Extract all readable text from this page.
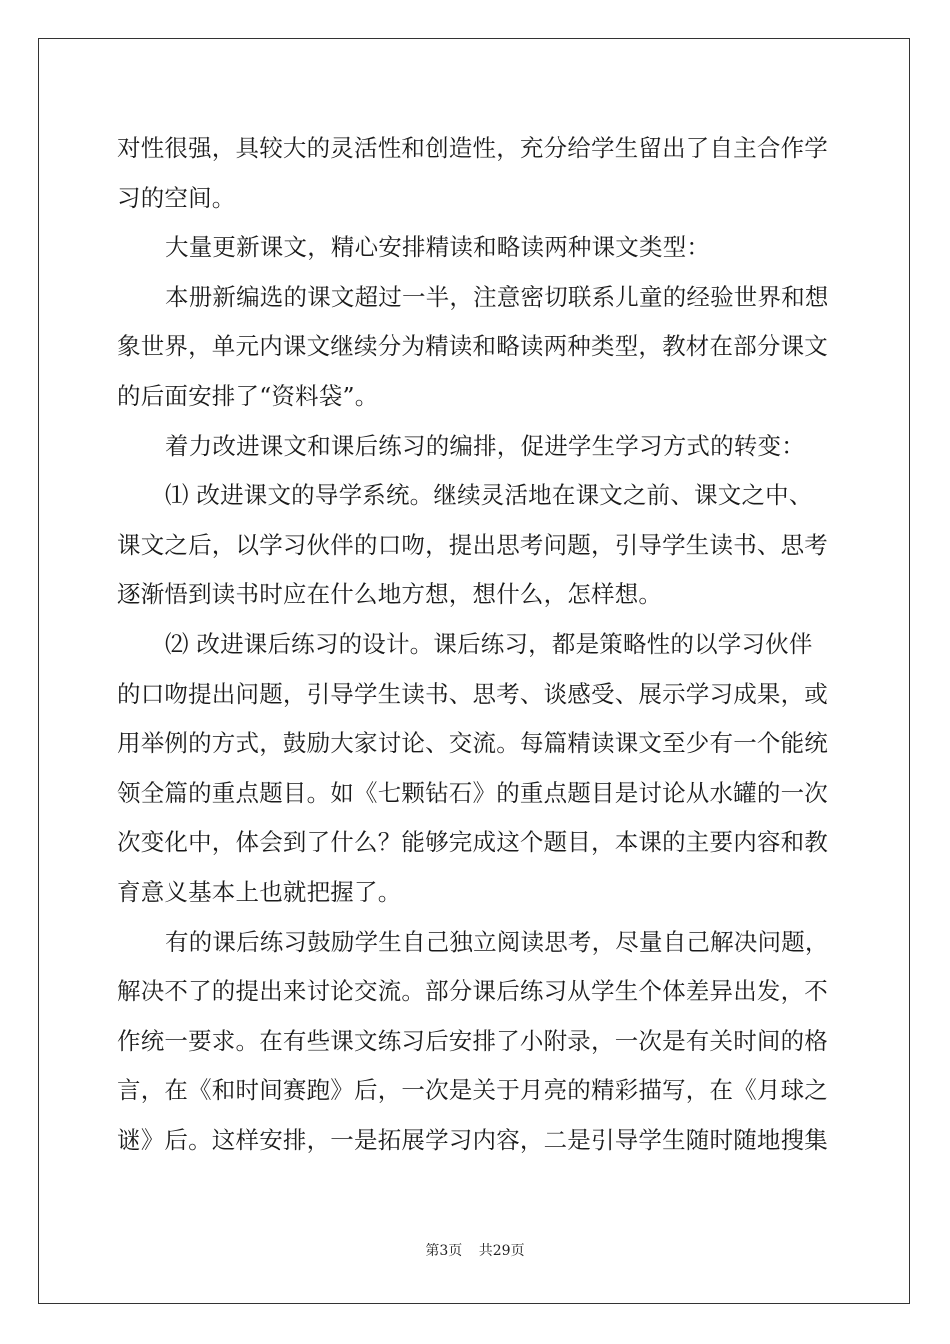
对性很强，具较大的灵活性和创造性，充分给学生留出了自主合作学
习的空间。
大量更新课文，精心安排精读和略读两种课文类型：
本册新编选的课文超过一半，注意密切联系儿童的经验世界和想
象世界，单元内课文继续分为精读和略读两种类型，教材在部分课文
的后面安排了“资料袋”。
着力改进课文和课后练习的编排，促进学生学习方式的转变：
⑴ 改进课文的导学系统。继续灵活地在课文之前、课文之中、
课文之后，以学习伙伴的口吻，提出思考问题，引导学生读书、思考
逐渐悟到读书时应在什么地方想，想什么，怎样想。
⑵ 改进课后练习的设计。课后练习，都是策略性的以学习伙伴
的口吻提出问题，引导学生读书、思考、谈感受、展示学习成果，或
用举例的方式，鼓励大家讨论、交流。每篇精读课文至少有一个能统
领全篇的重点题目。如《七颗钻石》的重点题目是讨论从水罐的一次
次变化中，体会到了什么？能够完成这个题目，本课的主要内容和教
育意义基本上也就把握了。
有的课后练习鼓励学生自己独立阅读思考，尽量自己解决问题，
解决不了的提出来讨论交流。部分课后练习从学生个体差异出发，不
作统一要求。在有些课文练习后安排了小附录，一次是有关时间的格
言，在《和时间赛跑》后，一次是关于月亮的精彩描写，在《月球之
谜》后。这样安排，一是拓展学习内容，二是引导学生随时随地搜集
第3页 共29页
